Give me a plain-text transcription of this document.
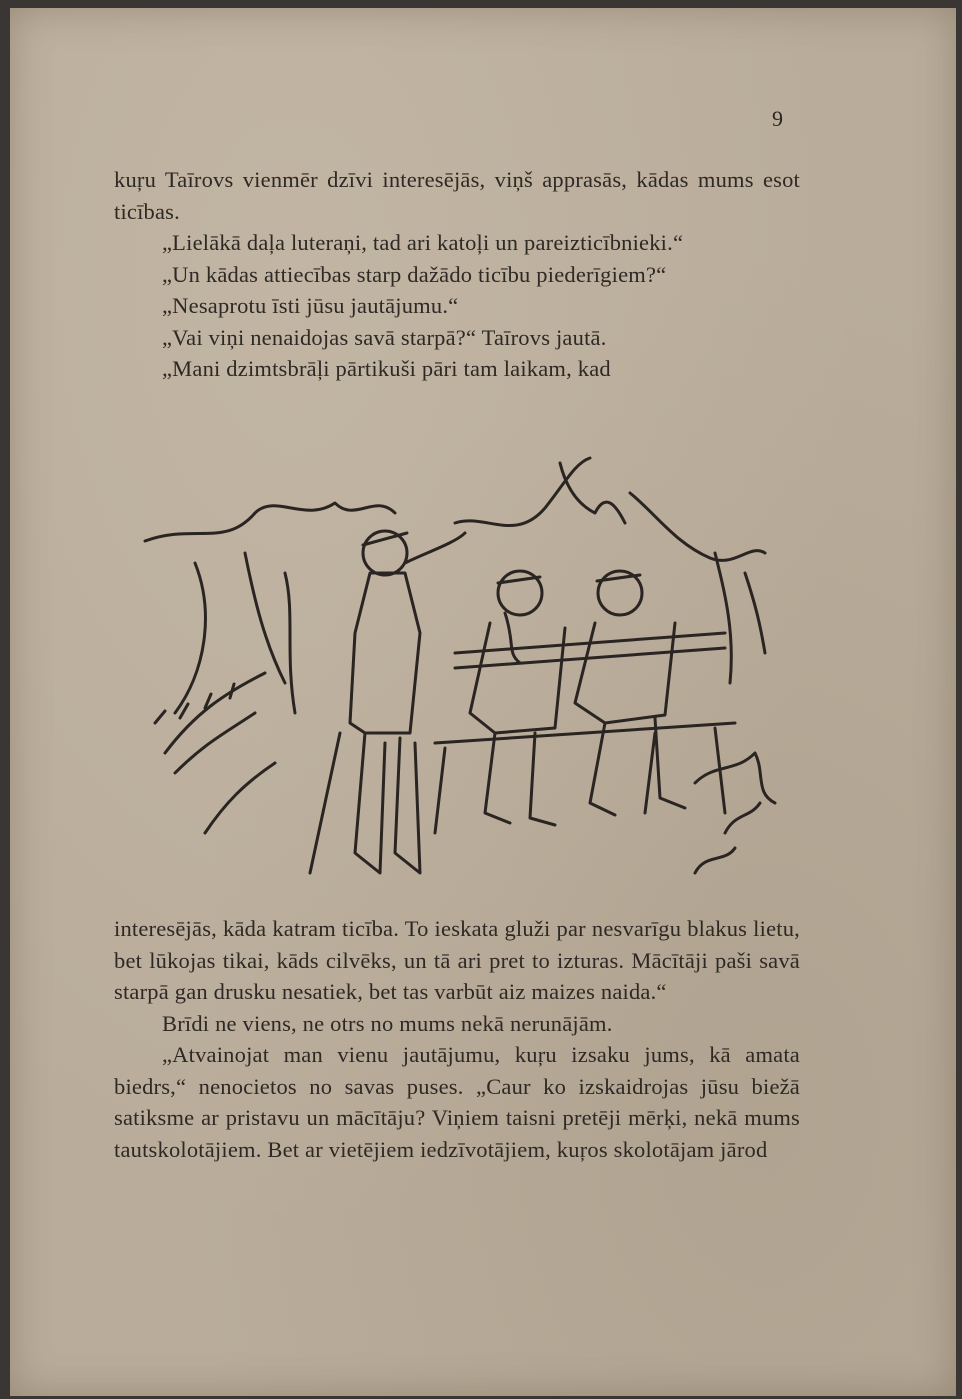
9

kuŗu Taīrovs vienmēr dzīvi interesējās, viņš apprasās, kādas mums esot ticības.

„Lielākā daļa luteraņi, tad ari katoļi un pareizticībnieki.“

„Un kādas attiecības starp dažādo ticību piederīgiem?“

„Nesaprotu īsti jūsu jautājumu.“

„Vai viņi nenaidojas savā starpā?“ Taīrovs jautā.

„Mani dzimtsbrāļi pārtikuši pāri tam laikam, kad

interesējās, kāda katram ticība. To ieskata gluži par nesvarīgu blakus lietu, bet lūkojas tikai, kāds cilvēks, un tā ari pret to izturas. Mācītāji paši savā starpā gan drusku nesatiek, bet tas varbūt aiz maizes naida.“

Brīdi ne viens, ne otrs no mums nekā nerunājām.

„Atvainojat man vienu jautājumu, kuŗu izsaku jums, kā amata biedrs,“ nenocietos no savas puses. „Caur ko izskaidrojas jūsu biežā satiksme ar pristavu un mācītāju? Viņiem taisni pretēji mērķi, nekā mums tautskolotājiem. Bet ar vietējiem iedzīvotājiem, kuŗos skolotājam jārod
